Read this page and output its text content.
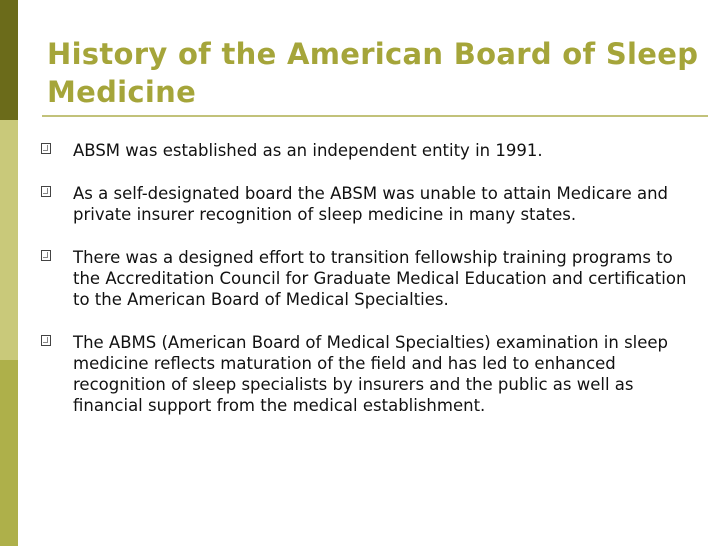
History of the American Board of Sleep Medicine
ABSM was established as an independent entity in 1991.
As a self-designated board the ABSM was unable to attain Medicare and private insurer recognition of sleep medicine in many states.
There was a designed effort to transition fellowship training programs to the Accreditation Council for Graduate Medical Education and certification to the American Board of Medical Specialties.
The ABMS (American Board of Medical Specialties) examination in sleep medicine reflects maturation of the field and has led to enhanced recognition of sleep specialists by insurers and the public as well as financial support from the medical establishment.
